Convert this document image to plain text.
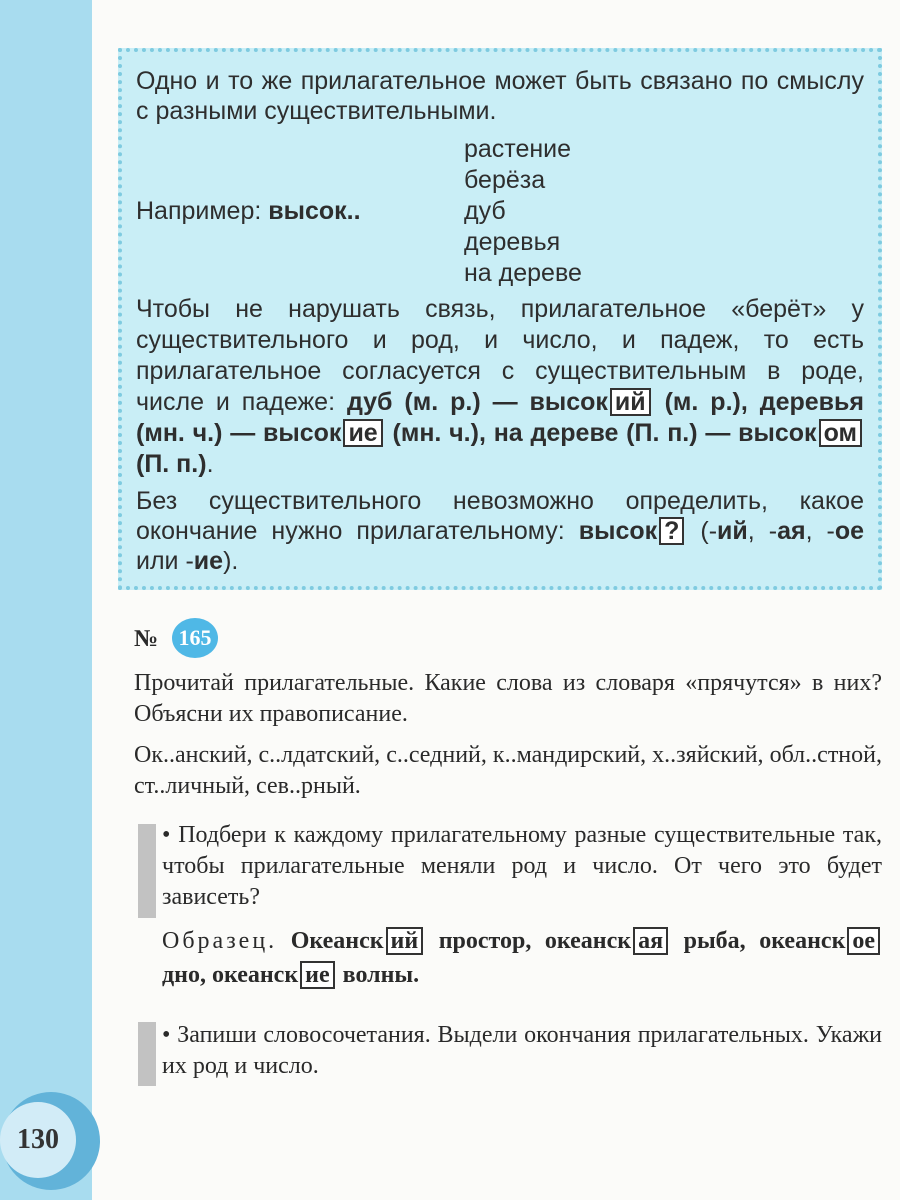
Одно и то же прилагательное может быть связано по смыслу с разными существительными.

Например: высок..
растение
берёза
дуб
деревья
на дереве

Чтобы не нарушать связь, прилагательное «берёт» у существительного и род, и число, и падеж, то есть прилагательное согласуется с существительным в роде, числе и падеже: дуб (м. р.) — высок ий (м. р.), деревья (мн. ч.) — высок ие (мн. ч.), на дереве (П. п.) — высок ом (П. п.).

Без существительного невозможно определить, какое окончание нужно прилагательному: высок ? (-ий, -ая, -ое или -ие).

№ 165

Прочитай прилагательные. Какие слова из словаря «прячутся» в них? Объясни их правописание.

Ок..анский, с..лдатский, с..седний, к..мандирский, х..зяйский, обл..стной, ст..личный, сев..рный.

• Подбери к каждому прилагательному разные существительные так, чтобы прилагательные меняли род и число. От чего это будет зависеть?

Образец. Океанск ий простор, океанск ая рыба, океанск ое дно, океанск ие волны.

• Запиши словосочетания. Выдели окончания прилагательных. Укажи их род и число.

130
